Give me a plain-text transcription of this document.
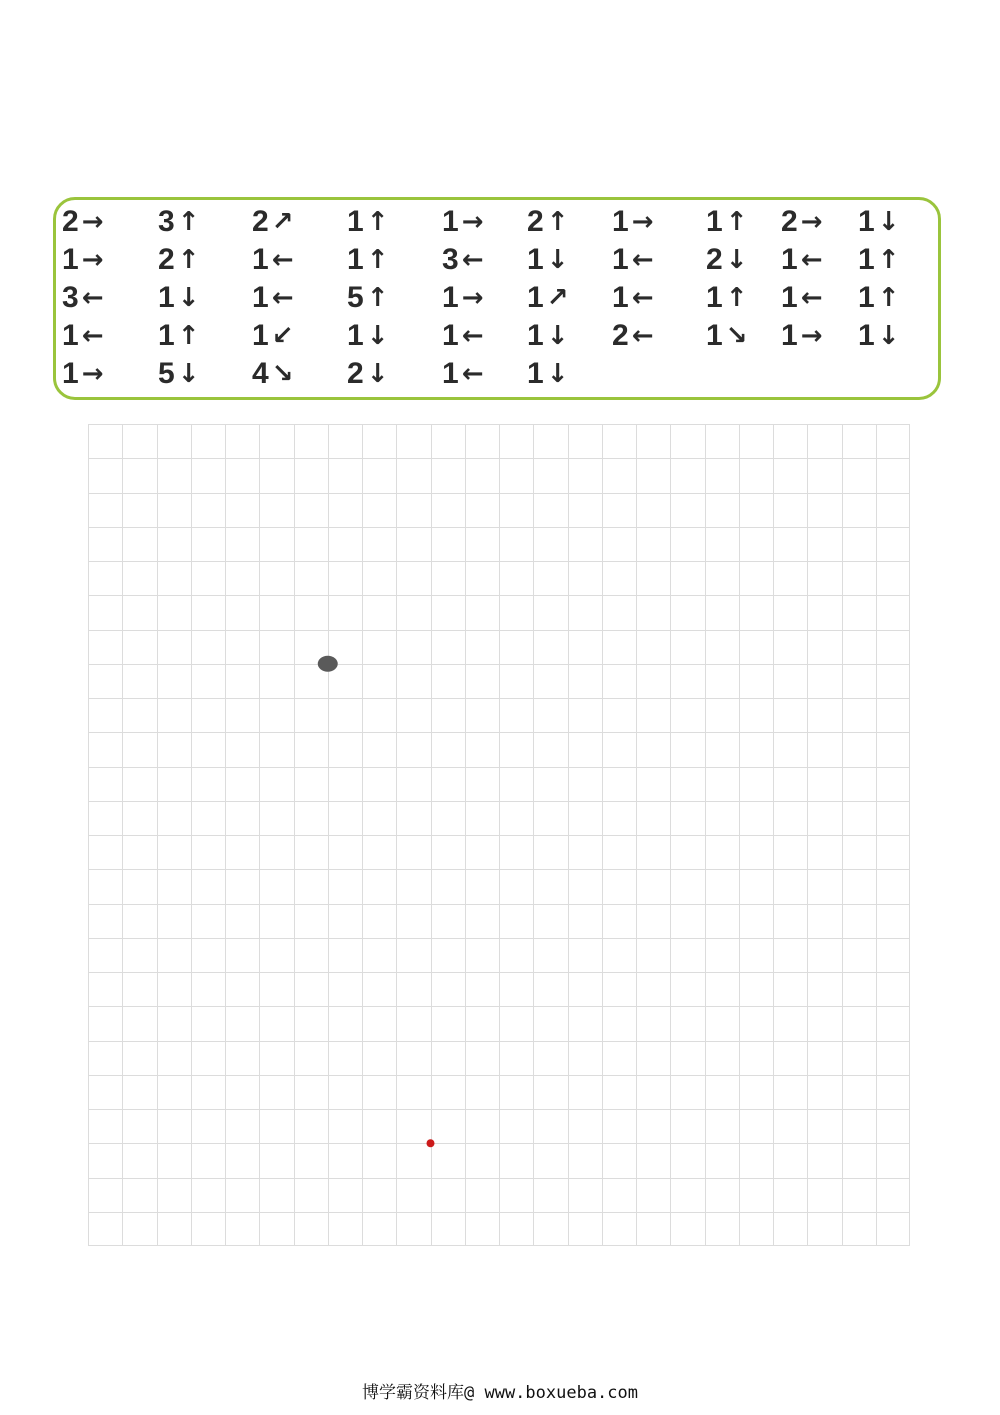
2 → 3 ↑ 2 ↗ 1 ↑ 1 → 2 ↑ 1 → 1 ↑ 2 → 1 ↓
1 → 2 ↑ 1 ← 1 ↑ 3 ← 1 ↓ 1 ← 2 ↓ 1 ← 1 ↑
3 ← 1 ↓ 1 ← 5 ↑ 1 → 1 ↗ 1 ← 1 ↑ 1 ← 1 ↑
1 ← 1 ↑ 1 ↙ 1 ↓ 1 ← 1 ↓ 2 ← 1 ↘ 1 → 1 ↓
1 → 5 ↓ 4 ↘ 2 ↓ 1 ← 1 ↓
博学霸资料库@ www.boxueba.com
